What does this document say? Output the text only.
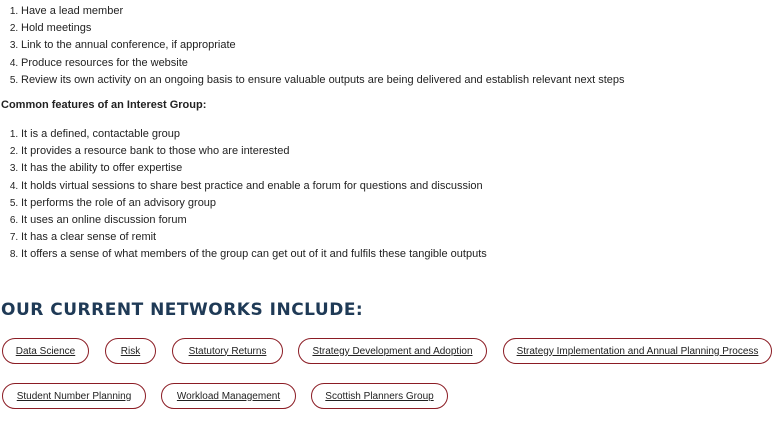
1. Have a lead member
2. Hold meetings
3. Link to the annual conference, if appropriate
4. Produce resources for the website
5. Review its own activity on an ongoing basis to ensure valuable outputs are being delivered and establish relevant next steps

Common features of an Interest Group:

1. It is a defined, contactable group
2. It provides a resource bank to those who are interested
3. It has the ability to offer expertise
4. It holds virtual sessions to share best practice and enable a forum for questions and discussion
5. It performs the role of an advisory group
6. It uses an online discussion forum
7. It has a clear sense of remit
8. It offers a sense of what members of the group can get out of it and fulfils these tangible outputs
OUR CURRENT NETWORKS INCLUDE:
Data Science	Risk	Statutory Returns	Strategy Development and Adoption	Strategy Implementation and Annual Planning Process
Student Number Planning	Workload Management	Scottish Planners Group
